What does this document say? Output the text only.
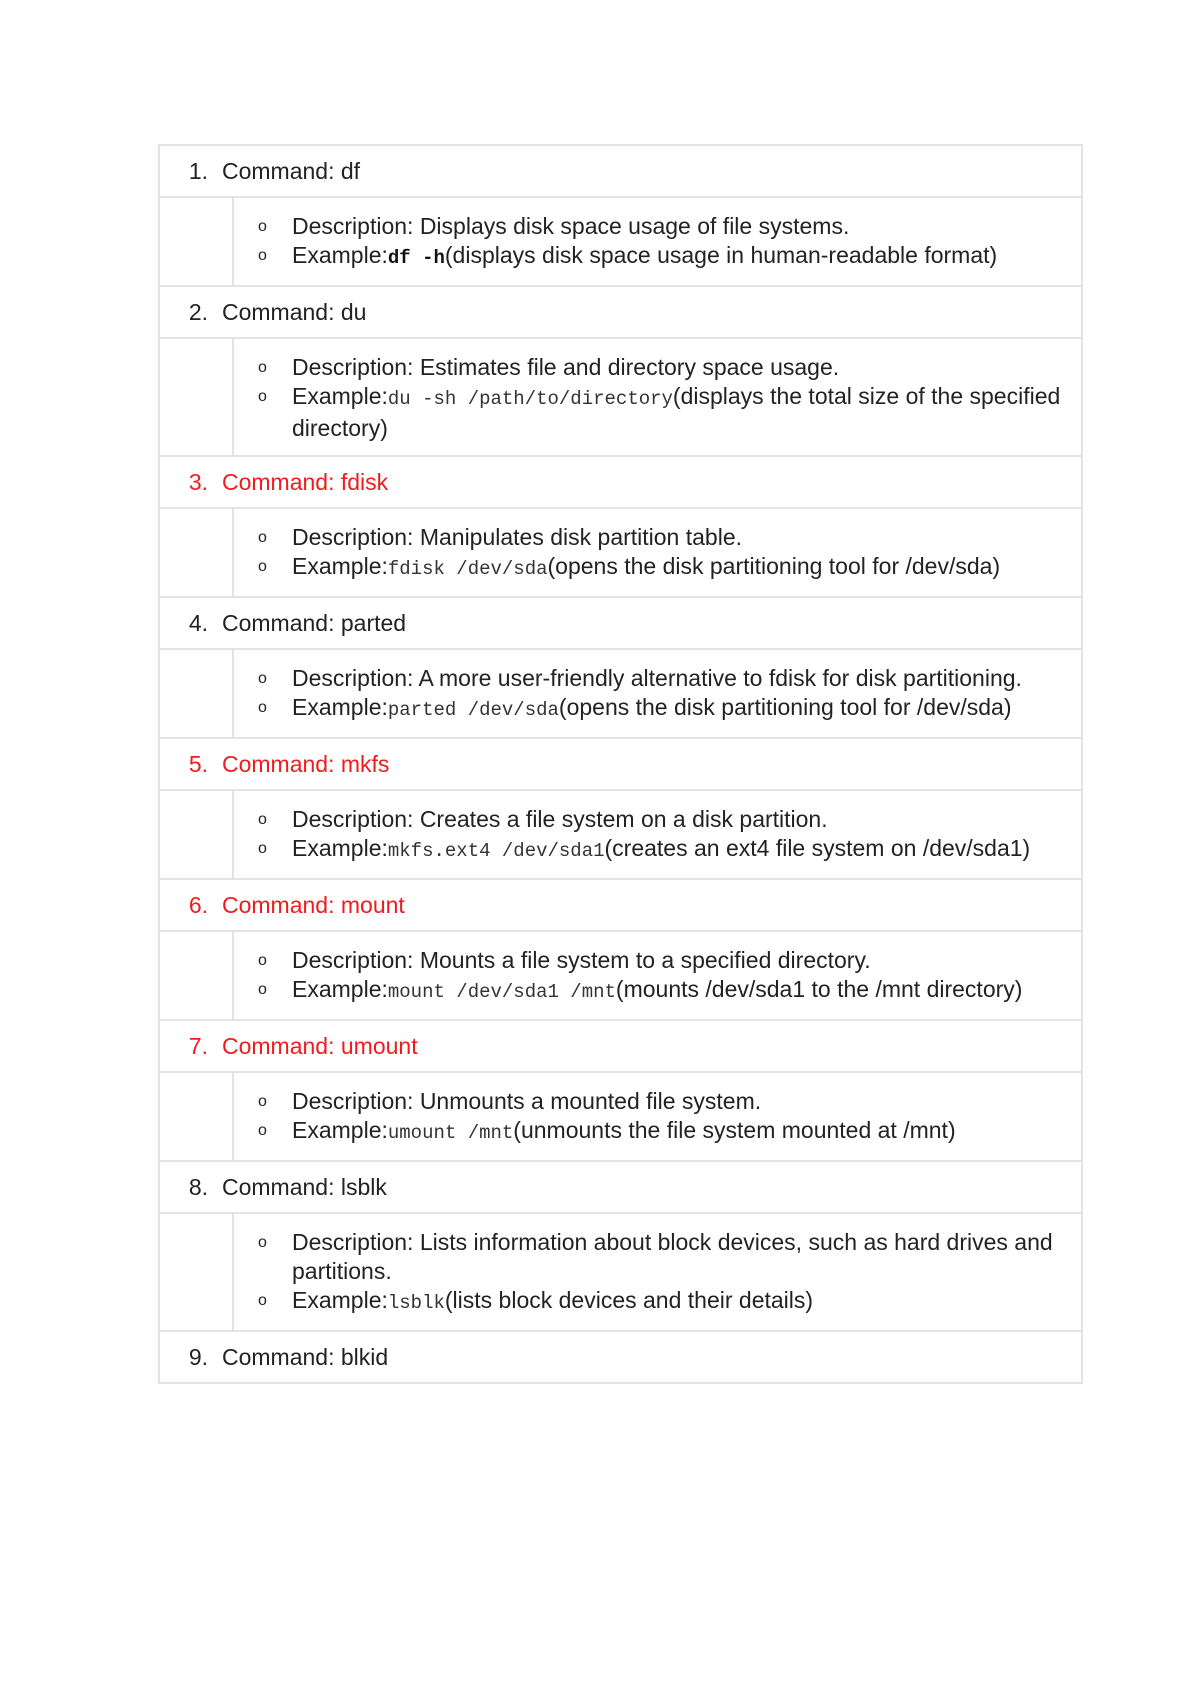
1. Command: df
o Description: Displays disk space usage of file systems.
o Example:df -h(displays disk space usage in human-readable format)
2. Command: du
o Description: Estimates file and directory space usage.
o Example:du -sh /path/to/directory(displays the total size of the specified directory)
3. Command: fdisk
o Description: Manipulates disk partition table.
o Example:fdisk /dev/sda(opens the disk partitioning tool for /dev/sda)
4. Command: parted
o Description: A more user-friendly alternative to fdisk for disk partitioning.
o Example:parted /dev/sda(opens the disk partitioning tool for /dev/sda)
5. Command: mkfs
o Description: Creates a file system on a disk partition.
o Example:mkfs.ext4 /dev/sda1(creates an ext4 file system on /dev/sda1)
6. Command: mount
o Description: Mounts a file system to a specified directory.
o Example:mount /dev/sda1 /mnt(mounts /dev/sda1 to the /mnt directory)
7. Command: umount
o Description: Unmounts a mounted file system.
o Example:umount /mnt(unmounts the file system mounted at /mnt)
8. Command: lsblk
o Description: Lists information about block devices, such as hard drives and partitions.
o Example:lsblk(lists block devices and their details)
9. Command: blkid
